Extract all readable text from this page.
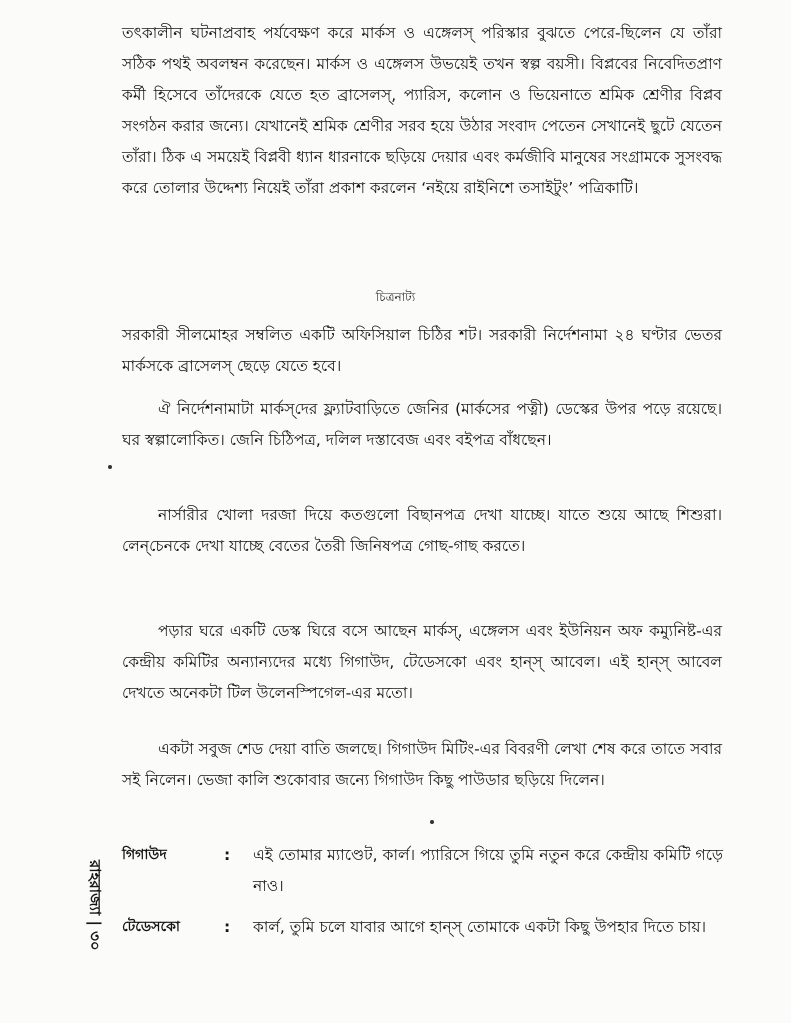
তৎকালীন ঘটনাপ্রবাহ পর্যবেক্ষণ করে মার্কস ও এঙ্গেলস্ পরিস্কার বুঝতে পেরে-ছিলেন যে তাঁরা সঠিক পথই অবলম্বন করেছেন। মার্কস ও এঙ্গেলস উভয়েই তখন স্বল্প বয়সী। বিপ্লবের নিবেদিতপ্রাণ কর্মী হিসেবে তাঁদেরকে যেতে হত ব্রাসেলস্, প্যারিস, কলোন ও ভিয়েনাতে শ্রমিক শ্রেণীর বিপ্লব সংগঠন করার জন্যে। যেখানেই শ্রমিক শ্রেণীর সরব হয়ে উঠার সংবাদ পেতেন সেখানেই ছুটে যেতেন তাঁরা। ঠিক এ সময়েই বিপ্লবী ধ্যান ধারনাকে ছড়িয়ে দেয়ার এবং কর্মজীবি মানুষের সংগ্রামকে সুসংবদ্ধ করে তোলার উদ্দেশ্য নিয়েই তাঁরা প্রকাশ করলেন ‘নইয়ে রাইনিশে তসাইটুং’ পত্রিকাটি।

চিত্রনাট্য

সরকারী সীলমোহর সম্বলিত একটি অফিসিয়াল চিঠির শট। সরকারী নির্দেশনামা ২৪ ঘণ্টার ভেতর মার্কসকে ব্রাসেলস্ ছেড়ে যেতে হবে।

ঐ নির্দেশনামাটা মার্কস্‌দের ফ্ল্যাটবাড়িতে জেনির (মার্কসের পত্নী) ডেস্কের উপর পড়ে রয়েছে। ঘর স্বল্পালোকিত। জেনি চিঠিপত্র, দলিল দস্তাবেজ এবং বইপত্র বাঁধছেন।

নার্সারীর খোলা দরজা দিয়ে কতগুলো বিছানপত্র দেখা যাচ্ছে। যাতে শুয়ে আছে শিশুরা। লেন্‌চেনকে দেখা যাচ্ছে বেতের তৈরী জিনিষপত্র গোছ-গাছ করতে।

পড়ার ঘরে একটি ডেস্ক ঘিরে বসে আছেন মার্কস্, এঙ্গেলস এবং ইউনিয়ন অফ কম্যুনিষ্ট-এর কেন্দ্রীয় কমিটির অন্যান্যদের মধ্যে গিগাউদ, টেডেসকো এবং হান্স্ আবেল। এই হান্স্ আবেল দেখতে অনেকটা টিল উলেনস্পিগেল-এর মতো।

একটা সবুজ শেড দেয়া বাতি জলছে। গিগাউদ মিটিং-এর বিবরণী লেখা শেষ করে তাতে সবার সই নিলেন। ভেজা কালি শুকোবার জন্যে গিগাউদ কিছু পাউডার ছড়িয়ে দিলেন।

গিগাউদ	: এই তোমার ম্যাণ্ডেট, কার্ল। প্যারিসে গিয়ে তুমি নতুন করে কেন্দ্রীয় কমিটি গড়ে নাও।
টেডেসকো	: কার্ল, তুমি চলে যাবার আগে হান্স্ তোমাকে একটা কিছু উপহার দিতে চায়।
রাহরাজ্যা | ৩০
